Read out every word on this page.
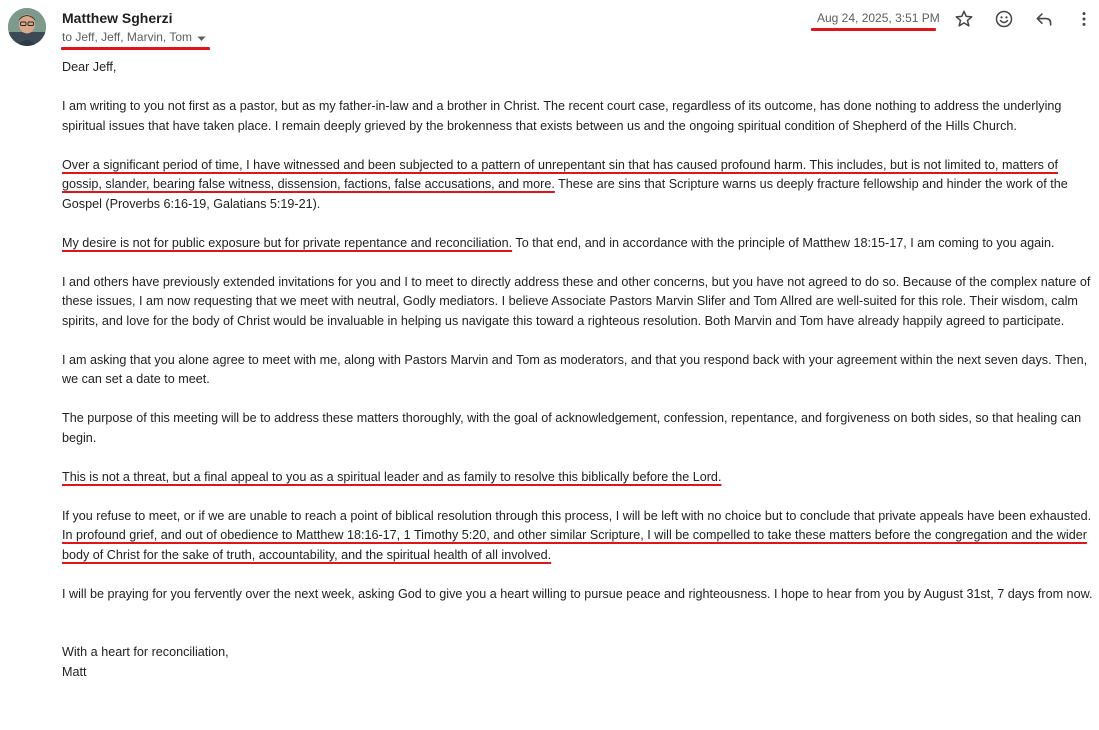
Matthew Sgherzi
to Jeff, Jeff, Marvin, Tom
Aug 24, 2025, 3:51 PM

Dear Jeff,

I am writing to you not first as a pastor, but as my father-in-law and a brother in Christ. The recent court case, regardless of its outcome, has done nothing to address the underlying spiritual issues that have taken place. I remain deeply grieved by the brokenness that exists between us and the ongoing spiritual condition of Shepherd of the Hills Church.

Over a significant period of time, I have witnessed and been subjected to a pattern of unrepentant sin that has caused profound harm. This includes, but is not limited to, matters of gossip, slander, bearing false witness, dissension, factions, false accusations, and more. These are sins that Scripture warns us deeply fracture fellowship and hinder the work of the Gospel (Proverbs 6:16-19, Galatians 5:19-21).

My desire is not for public exposure but for private repentance and reconciliation. To that end, and in accordance with the principle of Matthew 18:15-17, I am coming to you again.

I and others have previously extended invitations for you and I to meet to directly address these and other concerns, but you have not agreed to do so. Because of the complex nature of these issues, I am now requesting that we meet with neutral, Godly mediators. I believe Associate Pastors Marvin Slifer and Tom Allred are well-suited for this role. Their wisdom, calm spirits, and love for the body of Christ would be invaluable in helping us navigate this toward a righteous resolution. Both Marvin and Tom have already happily agreed to participate.

I am asking that you alone agree to meet with me, along with Pastors Marvin and Tom as moderators, and that you respond back with your agreement within the next seven days. Then, we can set a date to meet.

The purpose of this meeting will be to address these matters thoroughly, with the goal of acknowledgement, confession, repentance, and forgiveness on both sides, so that healing can begin.

This is not a threat, but a final appeal to you as a spiritual leader and as family to resolve this biblically before the Lord.

If you refuse to meet, or if we are unable to reach a point of biblical resolution through this process, I will be left with no choice but to conclude that private appeals have been exhausted. In profound grief, and out of obedience to Matthew 18:16-17, 1 Timothy 5:20, and other similar Scripture, I will be compelled to take these matters before the congregation and the wider body of Christ for the sake of truth, accountability, and the spiritual health of all involved.

I will be praying for you fervently over the next week, asking God to give you a heart willing to pursue peace and righteousness. I hope to hear from you by August 31st, 7 days from now.

With a heart for reconciliation,

Matt
